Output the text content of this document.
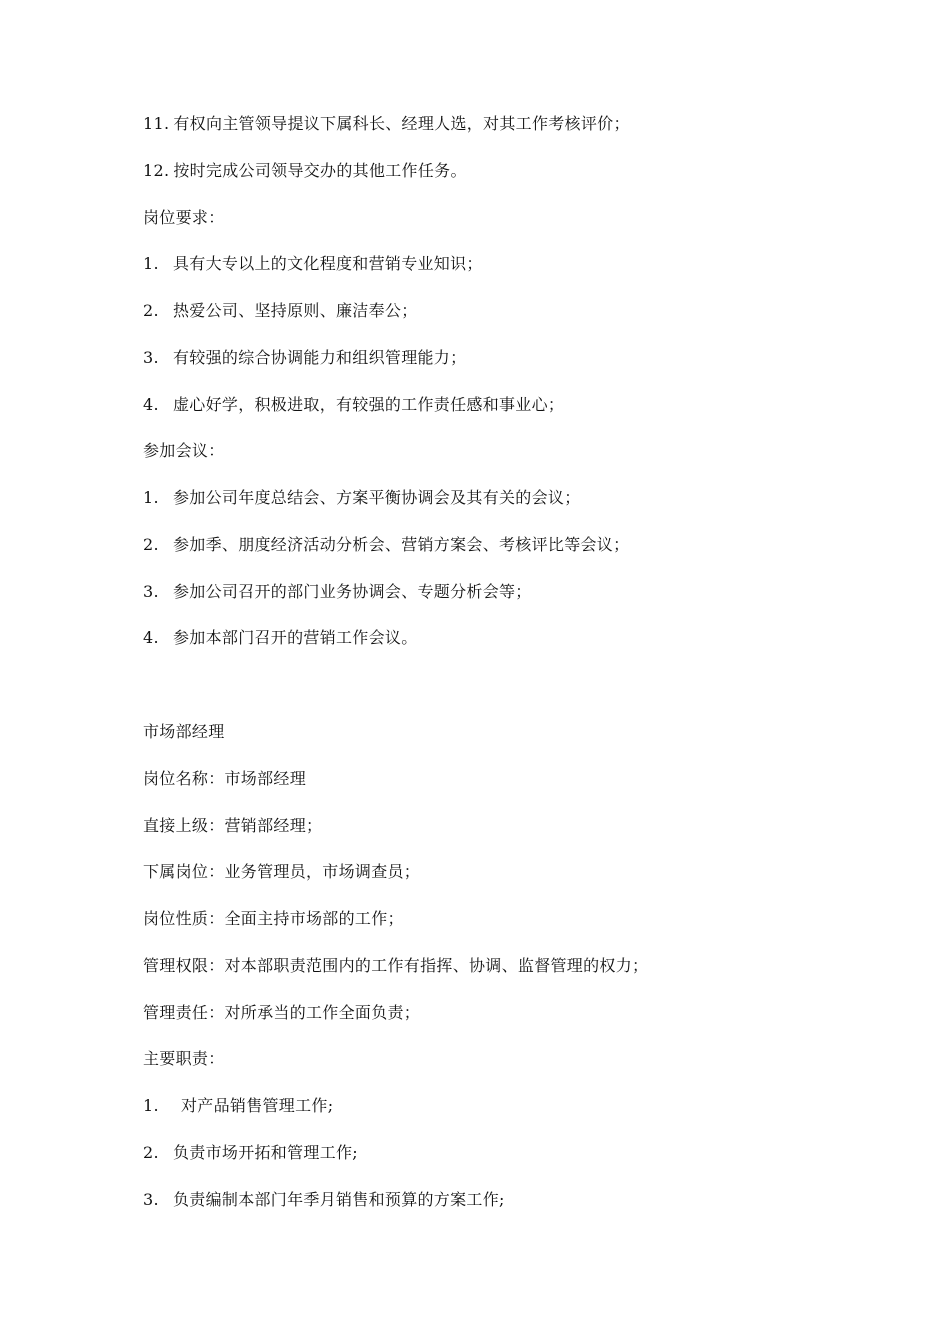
11. 有权向主管领导提议下属科长、经理人选，对其工作考核评价；
12. 按时完成公司领导交办的其他工作任务。
岗位要求：
1. 具有大专以上的文化程度和营销专业知识；
2. 热爱公司、坚持原则、廉洁奉公；
3. 有较强的综合协调能力和组织管理能力；
4. 虚心好学，积极进取，有较强的工作责任感和事业心；
参加会议：
1. 参加公司年度总结会、方案平衡协调会及其有关的会议；
2. 参加季、朋度经济活动分析会、营销方案会、考核评比等会议；
3. 参加公司召开的部门业务协调会、专题分析会等；
4. 参加本部门召开的营销工作会议。
市场部经理
岗位名称：市场部经理
直接上级：营销部经理；
下属岗位：业务管理员，市场调查员；
岗位性质：全面主持市场部的工作；
管理权限：对本部职责范围内的工作有指挥、协调、监督管理的权力；
管理责任：对所承当的工作全面负责；
主要职责：
1. 对产品销售管理工作;
2. 负责市场开拓和管理工作;
3. 负责编制本部门年季月销售和预算的方案工作;
